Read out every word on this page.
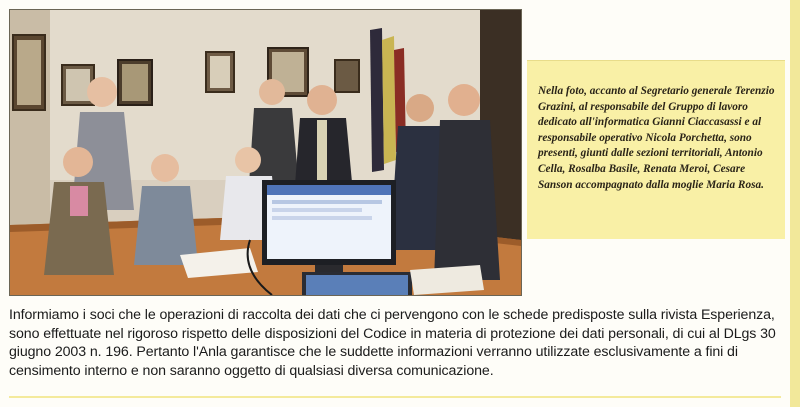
Nella foto, accanto al Segretario generale Terenzio Grazini, al responsabile del Gruppo di lavoro dedicato all'informatica Gianni Ciaccasassi e al responsabile operativo Nicola Porchetta, sono presenti, giunti dalle sezioni territoriali, Antonio Cella, Rosalba Basile, Renata Meroi, Cesare Sanson accompagnato dalla moglie Maria Rosa.
Informiamo i soci che le operazioni di raccolta dei dati che ci pervengono con le schede predisposte sulla rivista Esperienza, sono effettuate nel rigoroso rispetto delle disposizioni del Codice in materia di protezione dei dati personali, di cui al DLgs 30 giugno 2003 n. 196. Pertanto l'Anla garantisce che le suddette informazioni verranno utilizzate esclusivamente a fini di censimento interno e non saranno oggetto di qualsiasi diversa comunicazione.
